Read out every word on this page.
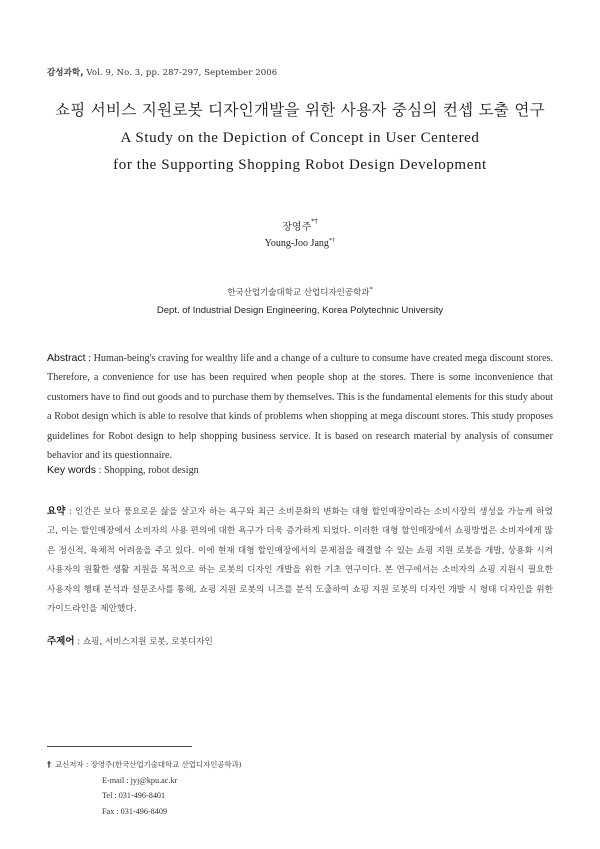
감성과학, Vol. 9, No. 3, pp. 287-297, September 2006
쇼핑 서비스 지원로봇 디자인개발을 위한 사용자 중심의 컨셉 도출 연구
A Study on the Depiction of Concept in User Centered
for the Supporting Shopping Robot Design Development
장영주*†
Young-Joo Jang*†
한국산업기술대학교 산업디자인공학과*
Dept. of Industrial Design Engineering, Korea Polytechnic University
Abstract : Human-being's craving for wealthy life and a change of a culture to consume have created mega discount stores. Therefore, a convenience for use has been required when people shop at the stores. There is some inconvenience that customers have to find out goods and to purchase them by themselves. This is the fundamental elements for this study about a Robot design which is able to resolve that kinds of problems when shopping at mega discount stores. This study proposes guidelines for Robot design to help shopping business service. It is based on research material by analysis of consumer behavior and its questionnaire.
Key words : Shopping, robot design
요약 : 인간은 보다 풍요로운 삶을 살고자 하는 욕구와 최근 소비문화의 변화는 대형 할인매장이라는 소비시장의 생성을 가능케 하였고, 이는 할인매장에서 소비자의 사용 편의에 대한 욕구가 더욱 증가하게 되었다. 이러한 대형 할인매장에서 쇼핑방법은 소비자에게 많은 정신적, 육체적 어려움을 주고 있다. 이에 현재 대형 할인매장에서의 문제점을 해결할 수 있는 쇼핑 지원 로봇을 개발, 상용화 시켜 사용자의 원활한 생활 지원을 목적으로 하는 로봇의 디자인 개발을 위한 기초 연구이다. 본 연구에서는 소비자의 쇼핑 지원시 필요한 사용자의 행태 분석과 설문조사를 통해, 쇼핑 지원 로봇의 니즈를 분석 도출하여 쇼핑 지원 로봇의 디자인 개발 시 형태 디자인을 위한 가이드라인을 제안했다.
주제어 : 쇼핑, 서비스지원 로봇, 로봇디자인
† 교신저자 : 장영주(한국산업기술대학교 산업디자인공학과)
E-mail : jyj@kpu.ac.kr
Tel : 031-496-8401
Fax : 031-496-8409
